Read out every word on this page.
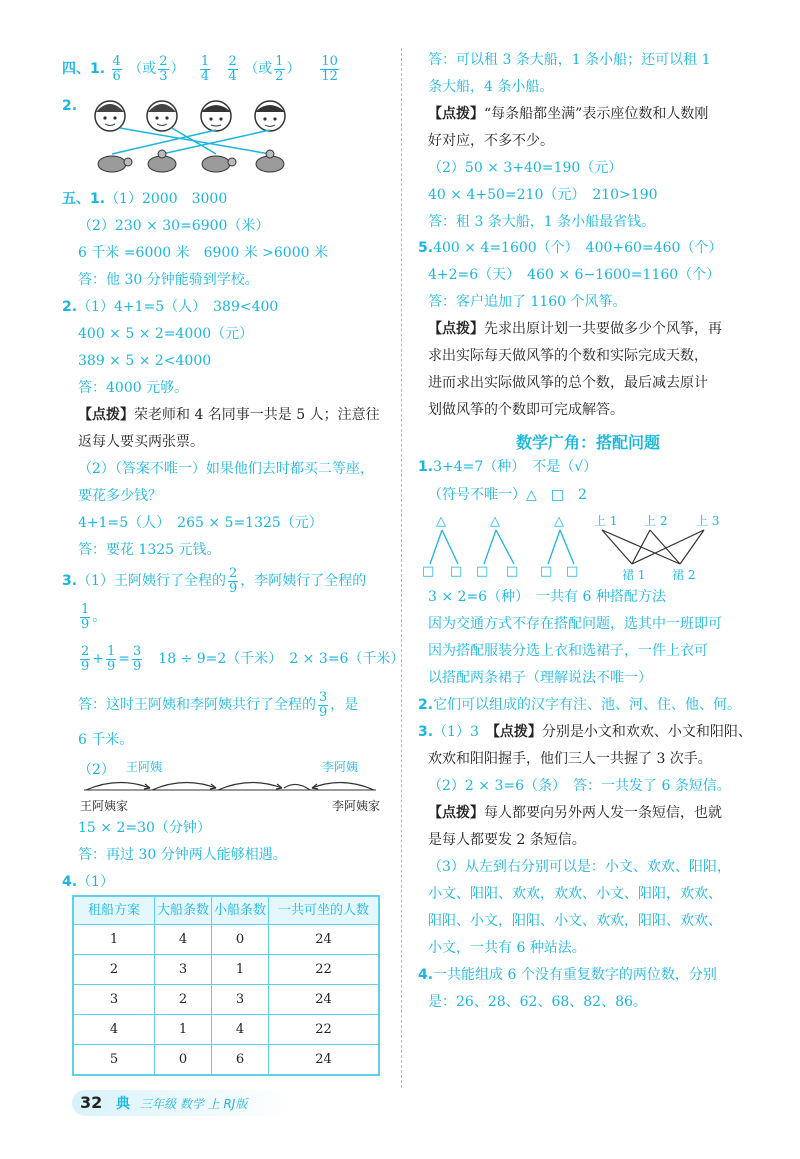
四、1. $\frac{4}{6}$ （或 $\frac{2}{3}$ ） $\frac{1}{4}$
$\frac{2}{4}$ （或 $\frac{1}{2}$ ） $\frac{10}{12}$
2.
五、1.（1）2000　3000
（2）230 × 30=6900（米）
6 千米 =6000 米　6900 米 >6000 米
答：他 30 分钟能骑到学校。
2.（1）4+1=5（人）　389<400
400 × 5 × 2=4000（元）
389 × 5 × 2<4000
答：4000 元够。
【点拨】荣老师和 4 名同事一共是 5 人；注意往
返每人要买两张票。
（2）（答案不唯一）如果他们去时都买二等座，
要花多少钱？
4+1=5（人）　265 × 5=1325（元）
答：要花 1325 元钱。
3.（1）王阿姨行了全程的 $\frac{2}{9}$ ，李阿姨行了全程的
$\frac{1}{9}$ 。
$\frac{2}{9} + \frac{1}{9} = \frac{3}{9}$ 　18 ÷ 9=2（千米）　2 × 3=6（千米）
答：这时王阿姨和李阿姨共行了全程的 $\frac{3}{9}$ ，是
6 千米。
（2） 王阿姨	李阿姨
王阿姨家	李阿姨家
15 × 2=30（分钟）
答：再过 30 分钟两人能够相遇。
4.（1）
租船方案	大船条数	小船条数	一共可坐的人数
1	4	0	24
2	3	1	22
3	2	3	24
4	1	4	22
5	0	6	24
答：可以租 3 条大船，1 条小船；还可以租 1
条大船，4 条小船。
【点拨】“每条船都坐满”表示座位数和人数刚
好对应，不多不少。
（2）50 × 3+40=190（元）
40 × 4+50=210（元）　210>190
答：租 3 条大船，1 条小船最省钱。
5.400 × 4=1600（个）　400+60=460（个）
4+2=6（天）　460 × 6−1600=1160（个）
答：客户追加了 1160 个风筝。
【点拨】先求出原计划一共要做多少个风筝，再
求出实际每天做风筝的个数和实际完成天数，
进而求出实际做风筝的总个数，最后减去原计
划做风筝的个数即可完成解答。
数学广角：搭配问题
1.3+4=7（种）　不是（√）
（符号不唯一）△　□　2
△	△	△	上 1 上 2 上 3
□ □ □ □ □ □	裙 1 裙 2
3 × 2=6（种）　一共有 6 种搭配方法
因为交通方式不存在搭配问题，选其中一班即可
因为搭配服装分选上衣和选裙子，一件上衣可
以搭配两条裙子（理解说法不唯一）
2.它们可以组成的汉字有注、池、河、住、他、何。
3.（1）3　【点拨】分别是小文和欢欢、小文和阳阳、
欢欢和阳阳握手，他们三人一共握了 3 次手。
（2）2 × 3=6（条）　答：一共发了 6 条短信。
【点拨】每人都要向另外两人发一条短信，也就
是每人都要发 2 条短信。
（3）从左到右分别可以是：小文、欢欢、阳阳，
小文、阳阳、欢欢，欢欢、小文、阳阳，欢欢、
阳阳、小文，阳阳、小文、欢欢，阳阳、欢欢、
小文，一共有 6 种站法。
4.一共能组成 6 个没有重复数字的两位数，分别
是：26、28、62、68、82、86。
32 典 三年级 数学 上 RJ版
